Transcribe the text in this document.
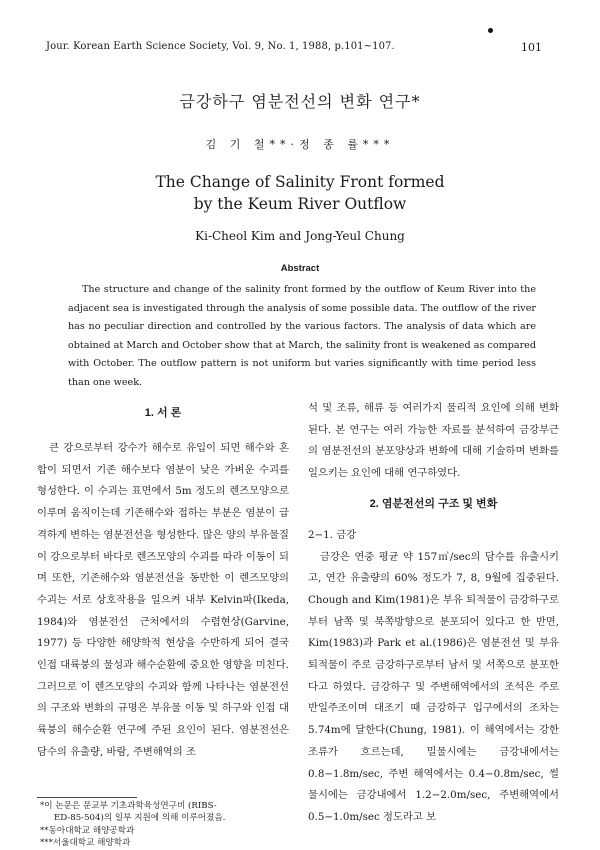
Jour. Korean Earth Science Society, Vol. 9, No. 1, 1988, p.101~107.	101
금강하구 염분전선의 변화 연구*
김 기 철**·정 종 률***
The Change of Salinity Front formed
by the Keum River Outflow
Ki-Cheol Kim and Jong-Yeul Chung
Abstract

The structure and change of the salinity front formed by the outflow of Keum River into the adjacent sea is investigated through the analysis of some possible data. The outflow of the river has no peculiar direction and controlled by the various factors. The analysis of data which are obtained at March and October show that at March, the salinity front is weakened as compared with October. The outflow pattern is not uniform but varies significantly with time period less than one week.

1. 서 론

큰 강으로부터 강수가 해수로 유입이 되면 해수와 혼합이 되면서 기존 해수보다 염분이 낮은 가벼운 수괴를 형성한다. 이 수괴는 표면에서 5m 정도의 렌즈모양으로 이루며 움직이는데 기존해수와 접하는 부분은 염분이 급격하게 변하는 염분전선을 형성한다. 많은 양의 부유물질이 강으로부터 바다로 렌즈모양의 수괴를 따라 이동이 되며 또한, 기존해수와 염분전선을 동반한 이 렌즈모양의 수괴는 서로 상호작용을 일으켜 내부 Kelvin파(Ikeda, 1984)와 염분전선 근처에서의 수렴현상(Garvine, 1977) 등 다양한 해양학적 현상을 수반하게 되어 결국 인접 대륙붕의 물성과 해수순환에 중요한 영향을 미친다. 그러므로 이 렌즈모양의 수괴와 함께 나타나는 염분전선의 구조와 변화의 규명은 부유물 이동 및 하구와 인접 대륙붕의 해수순환 연구에 주된 요인이 된다. 염분전선은 담수의 유출량, 바람, 주변해역의 조

석 및 조류, 해류 등 여러가지 물리적 요인에 의해 변화된다. 본 연구는 여러 가능한 자료를 분석하여 금강부근의 염분전선의 분포양상과 변화에 대해 기술하며 변화를 일으키는 요인에 대해 연구하였다.

2. 염분전선의 구조 및 변화

2−1. 금강

금강은 연중 평균 약 157㎥/sec의 담수를 유출시키고, 연간 유출량의 60% 정도가 7, 8, 9월에 집중된다. Chough and Kim(1981)은 부유 퇴적물이 금강하구로부터 남쪽 및 북쪽방향으로 분포되어 있다고 한 반면, Kim(1983)과 Park et al.(1986)은 염분전선 및 부유 퇴적물이 주로 금강하구로부터 남서 및 서쪽으로 분포한다고 하였다. 금강하구 및 주변해역에서의 조석은 주로 반일주조이며 대조기 때 금강하구 입구에서의 조차는 5.74m에 달한다(Chung, 1981). 이 해역에서는 강한 조류가 흐르는데, 밀물시에는 금강내에서는 0.8−1.8m/sec, 주변 해역에서는 0.4−0.8m/sec, 썰물시에는 금강내에서 1.2−2.0m/sec, 주변해역에서 0.5−1.0m/sec 정도라고 보

*이 논문은 문교부 기초과학육성연구비 (RIBS-
ED-85-504)의 일부 지원에 의해 이루어졌음.
**동아대학교 해양공학과
***서울대학교 해양학과
